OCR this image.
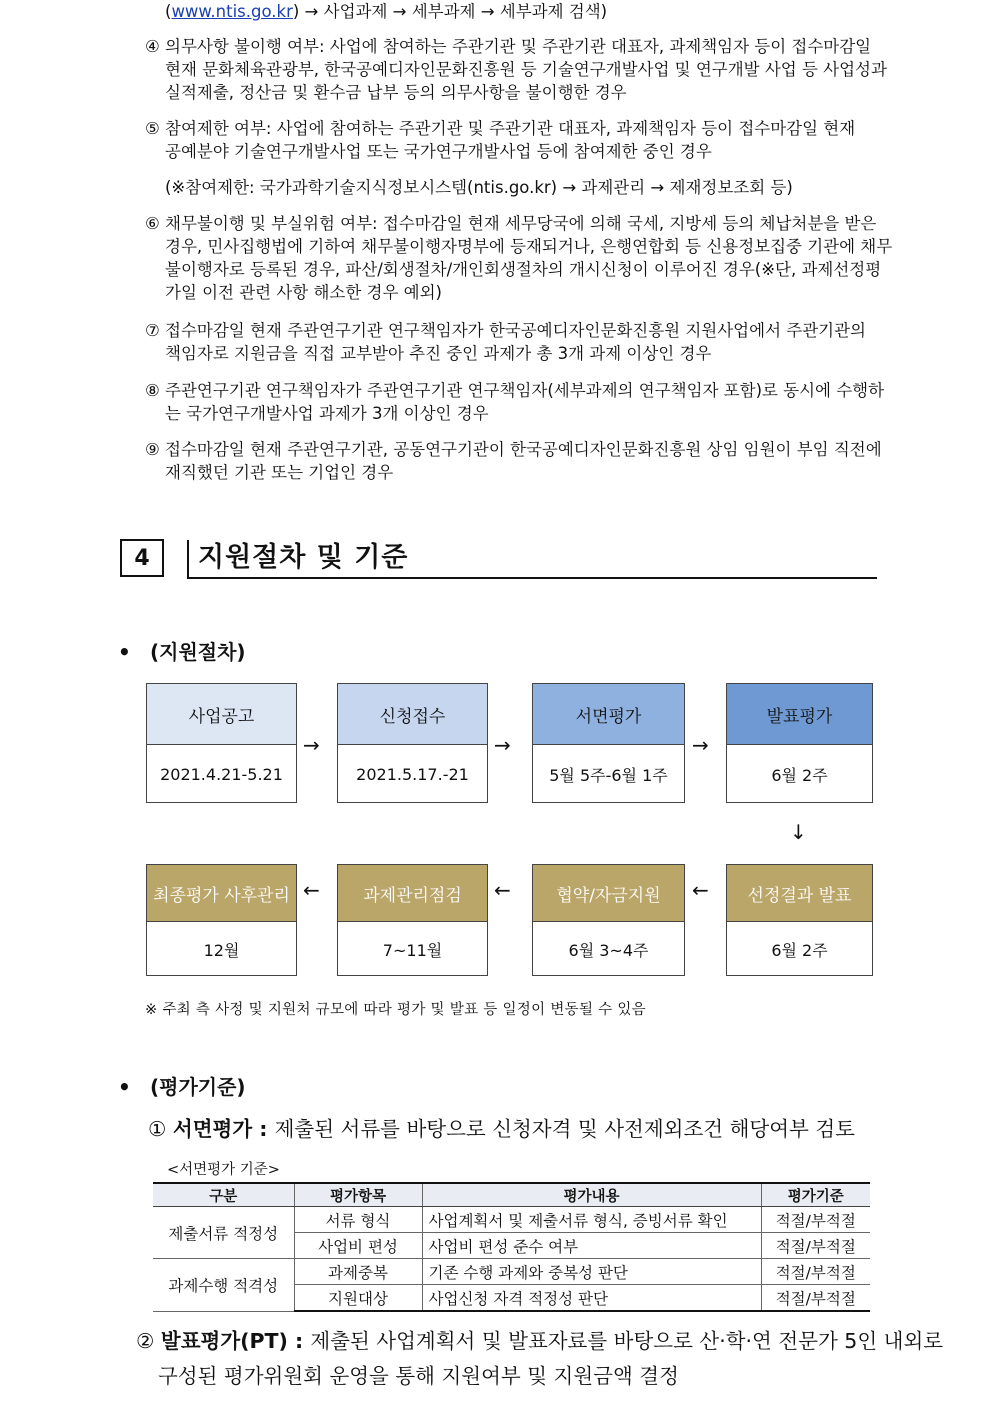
(www.ntis.go.kr) → 사업과제 → 세부과제 → 세부과제 검색)
④ 의무사항 불이행 여부: 사업에 참여하는 주관기관 및 주관기관 대표자, 과제책임자 등이 접수마감일
현재 문화체육관광부, 한국공예디자인문화진흥원 등 기술연구개발사업 및 연구개발 사업 등 사업성과
실적제출, 정산금 및 환수금 납부 등의 의무사항을 불이행한 경우
⑤ 참여제한 여부: 사업에 참여하는 주관기관 및 주관기관 대표자, 과제책임자 등이 접수마감일 현재
공예분야 기술연구개발사업 또는 국가연구개발사업 등에 참여제한 중인 경우
(※참여제한: 국가과학기술지식정보시스템(ntis.go.kr) → 과제관리 → 제재정보조회 등)
⑥ 채무불이행 및 부실위험 여부: 접수마감일 현재 세무당국에 의해 국세, 지방세 등의 체납처분을 받은
경우, 민사집행법에 기하여 채무불이행자명부에 등재되거나, 은행연합회 등 신용정보집중 기관에 채무
불이행자로 등록된 경우, 파산/회생절차/개인회생절차의 개시신청이 이루어진 경우(※단, 과제선정평
가일 이전 관련 사항 해소한 경우 예외)
⑦ 접수마감일 현재 주관연구기관 연구책임자가 한국공예디자인문화진흥원 지원사업에서 주관기관의
책임자로 지원금을 직접 교부받아 추진 중인 과제가 총 3개 과제 이상인 경우
⑧ 주관연구기관 연구책임자가 주관연구기관 연구책임자(세부과제의 연구책임자 포함)로 동시에 수행하
는 국가연구개발사업 과제가 3개 이상인 경우
⑨ 접수마감일 현재 주관연구기관, 공동연구기관이 한국공예디자인문화진흥원 상임 임원이 부임 직전에
재직했던 기관 또는 기업인 경우
4	지원절차 및 기준
• (지원절차)
사업공고
2021.4.21-5.21
→
신청접수
2021.5.17.-21
→
서면평가
5월 5주-6월 1주
→
발표평가
6월 2주
↓
최종평가 사후관리
12월
←	과제관리점검
7~11월
←	협약/자금지원
6월 3~4주
←	선정결과 발표
6월 2주
※ 주최 측 사정 및 지원처 규모에 따라 평가 및 발표 등 일정이 변동될 수 있음
• (평가기준)
① 서면평가 : 제출된 서류를 바탕으로 신청자격 및 사전제외조건 해당여부 검토
<서면평가 기준>
구분	평가항목	평가내용	평가기준
제출서류 적정성	서류 형식	사업계획서 및 제출서류 형식, 증빙서류 확인	적절/부적절
	사업비 편성	사업비 편성 준수 여부	적절/부적절
과제수행 적격성	과제중복	기존 수행 과제와 중복성 판단	적절/부적절
	지원대상	사업신청 자격 적정성 판단	적절/부적절
② 발표평가(PT) : 제출된 사업계획서 및 발표자료를 바탕으로 산·학·연 전문가 5인 내외로
구성된 평가위원회 운영을 통해 지원여부 및 지원금액 결정
